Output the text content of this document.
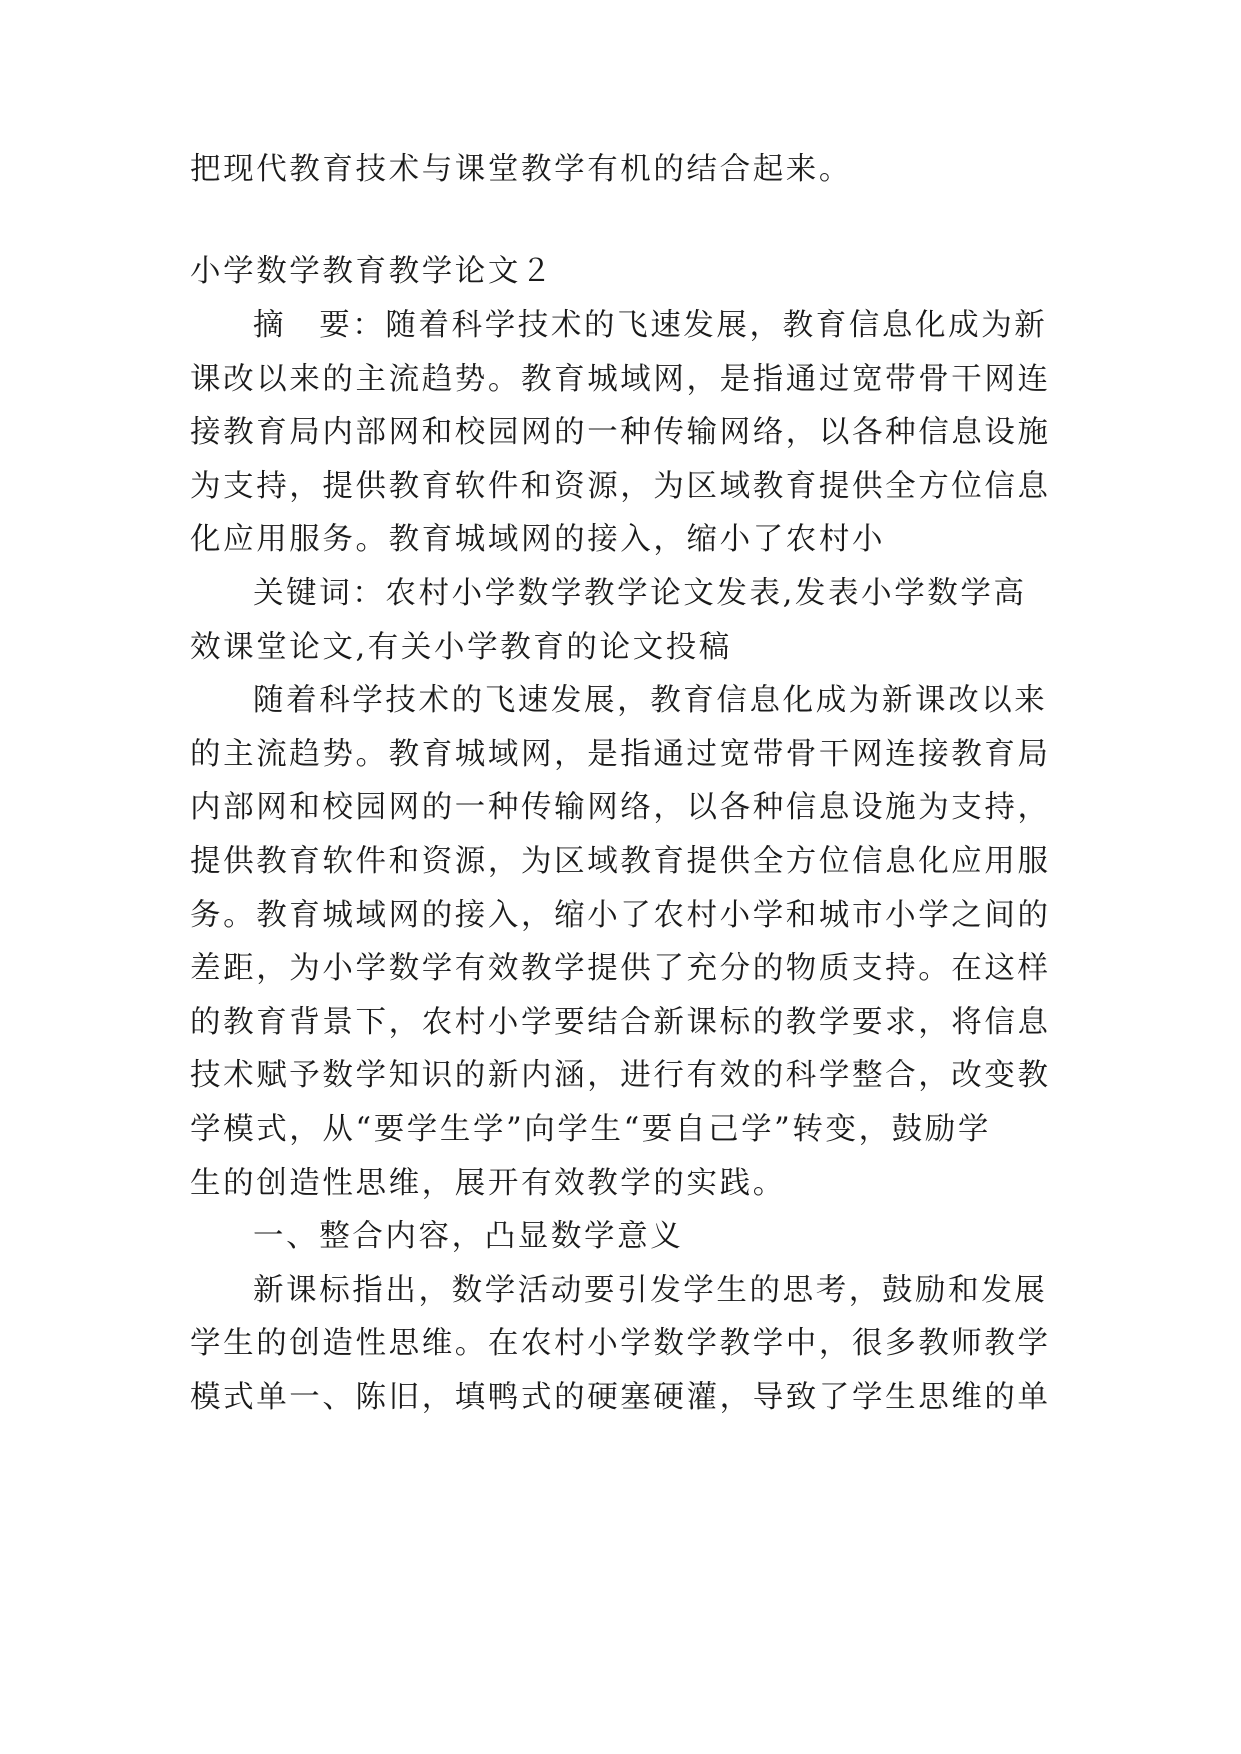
把现代教育技术与课堂教学有机的结合起来。
小学数学教育教学论文２
摘　要：随着科学技术的飞速发展，教育信息化成为新
课改以来的主流趋势。教育城域网，是指通过宽带骨干网连
接教育局内部网和校园网的一种传输网络，以各种信息设施
为支持，提供教育软件和资源，为区域教育提供全方位信息
化应用服务。教育城域网的接入，缩小了农村小
关键词：农村小学数学教学论文发表,发表小学数学高
效课堂论文,有关小学教育的论文投稿
随着科学技术的飞速发展，教育信息化成为新课改以来
的主流趋势。教育城域网，是指通过宽带骨干网连接教育局
内部网和校园网的一种传输网络，以各种信息设施为支持，
提供教育软件和资源，为区域教育提供全方位信息化应用服
务。教育城域网的接入，缩小了农村小学和城市小学之间的
差距，为小学数学有效教学提供了充分的物质支持。在这样
的教育背景下，农村小学要结合新课标的教学要求，将信息
技术赋予数学知识的新内涵，进行有效的科学整合，改变教
学模式，从“要学生学”向学生“要自己学”转变，鼓励学
生的创造性思维，展开有效教学的实践。
一、整合内容，凸显数学意义
新课标指出，数学活动要引发学生的思考，鼓励和发展
学生的创造性思维。在农村小学数学教学中，很多教师教学
模式单一、陈旧，填鸭式的硬塞硬灌，导致了学生思维的单
